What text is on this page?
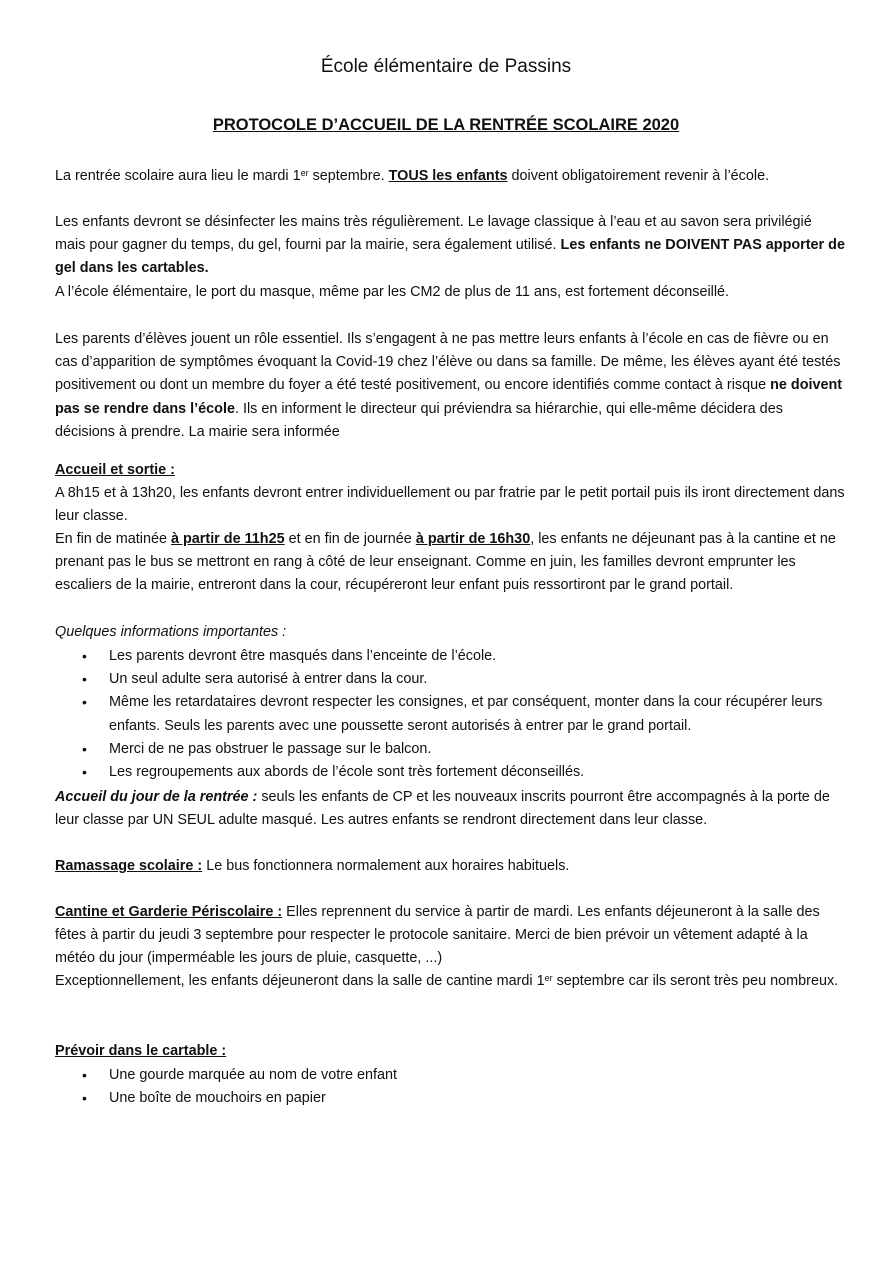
École élémentaire de Passins
PROTOCOLE D’ACCUEIL DE LA RENTRÉE SCOLAIRE 2020

La rentrée scolaire aura lieu le mardi 1er septembre. TOUS les enfants doivent obligatoirement revenir à l’école.

Les enfants devront se désinfecter les mains très régulièrement. Le lavage classique à l’eau et au savon sera privilégié mais pour gagner du temps, du gel, fourni par la mairie, sera également utilisé. Les enfants ne DOIVENT PAS apporter de gel dans les cartables.

A l’école élémentaire, le port du masque, même par les CM2 de plus de 11 ans, est fortement déconseillé.

Les parents d’élèves jouent un rôle essentiel. Ils s’engagent à ne pas mettre leurs enfants à l’école en cas de fièvre ou en cas d’apparition de symptômes évoquant la Covid-19 chez l’élève ou dans sa famille. De même, les élèves ayant été testés positivement ou dont un membre du foyer a été testé positivement, ou encore identifiés comme contact à risque ne doivent pas se rendre dans l’école. Ils en informent le directeur qui préviendra sa hiérarchie, qui elle-même décidera des décisions à prendre. La mairie sera informée

Accueil et sortie :

A 8h15 et à 13h20, les enfants devront entrer individuellement ou par fratrie par le petit portail puis ils iront directement dans leur classe.

En fin de matinée à partir de 11h25 et en fin de journée à partir de 16h30, les enfants ne déjeunant pas à la cantine et ne prenant pas le bus se mettront en rang à côté de leur enseignant. Comme en juin, les familles devront emprunter les escaliers de la mairie, entreront dans la cour, récupéreront leur enfant puis ressortiront par le grand portail.

Quelques informations importantes :

• Les parents devront être masqués dans l’enceinte de l’école.
• Un seul adulte sera autorisé à entrer dans la cour.
• Même les retardataires devront respecter les consignes, et par conséquent, monter dans la cour récupérer leurs enfants. Seuls les parents avec une poussette seront autorisés à entrer par le grand portail.
• Merci de ne pas obstruer le passage sur le balcon.
• Les regroupements aux abords de l’école sont très fortement déconseillés.

Accueil du jour de la rentrée : seuls les enfants de CP et les nouveaux inscrits pourront être accompagnés à la porte de leur classe par UN SEUL adulte masqué. Les autres enfants se rendront directement dans leur classe.

Ramassage scolaire : Le bus fonctionnera normalement aux horaires habituels.

Cantine et Garderie Périscolaire : Elles reprennent du service à partir de mardi. Les enfants déjeuneront à la salle des fêtes à partir du jeudi 3 septembre pour respecter le protocole sanitaire. Merci de bien prévoir un vêtement adapté à la météo du jour (imperméable les jours de pluie, casquette, ...)

Exceptionnellement, les enfants déjeuneront dans la salle de cantine mardi 1er septembre car ils seront très peu nombreux.

Prévoir dans le cartable :

• Une gourde marquée au nom de votre enfant
• Une boîte de mouchoirs en papier
